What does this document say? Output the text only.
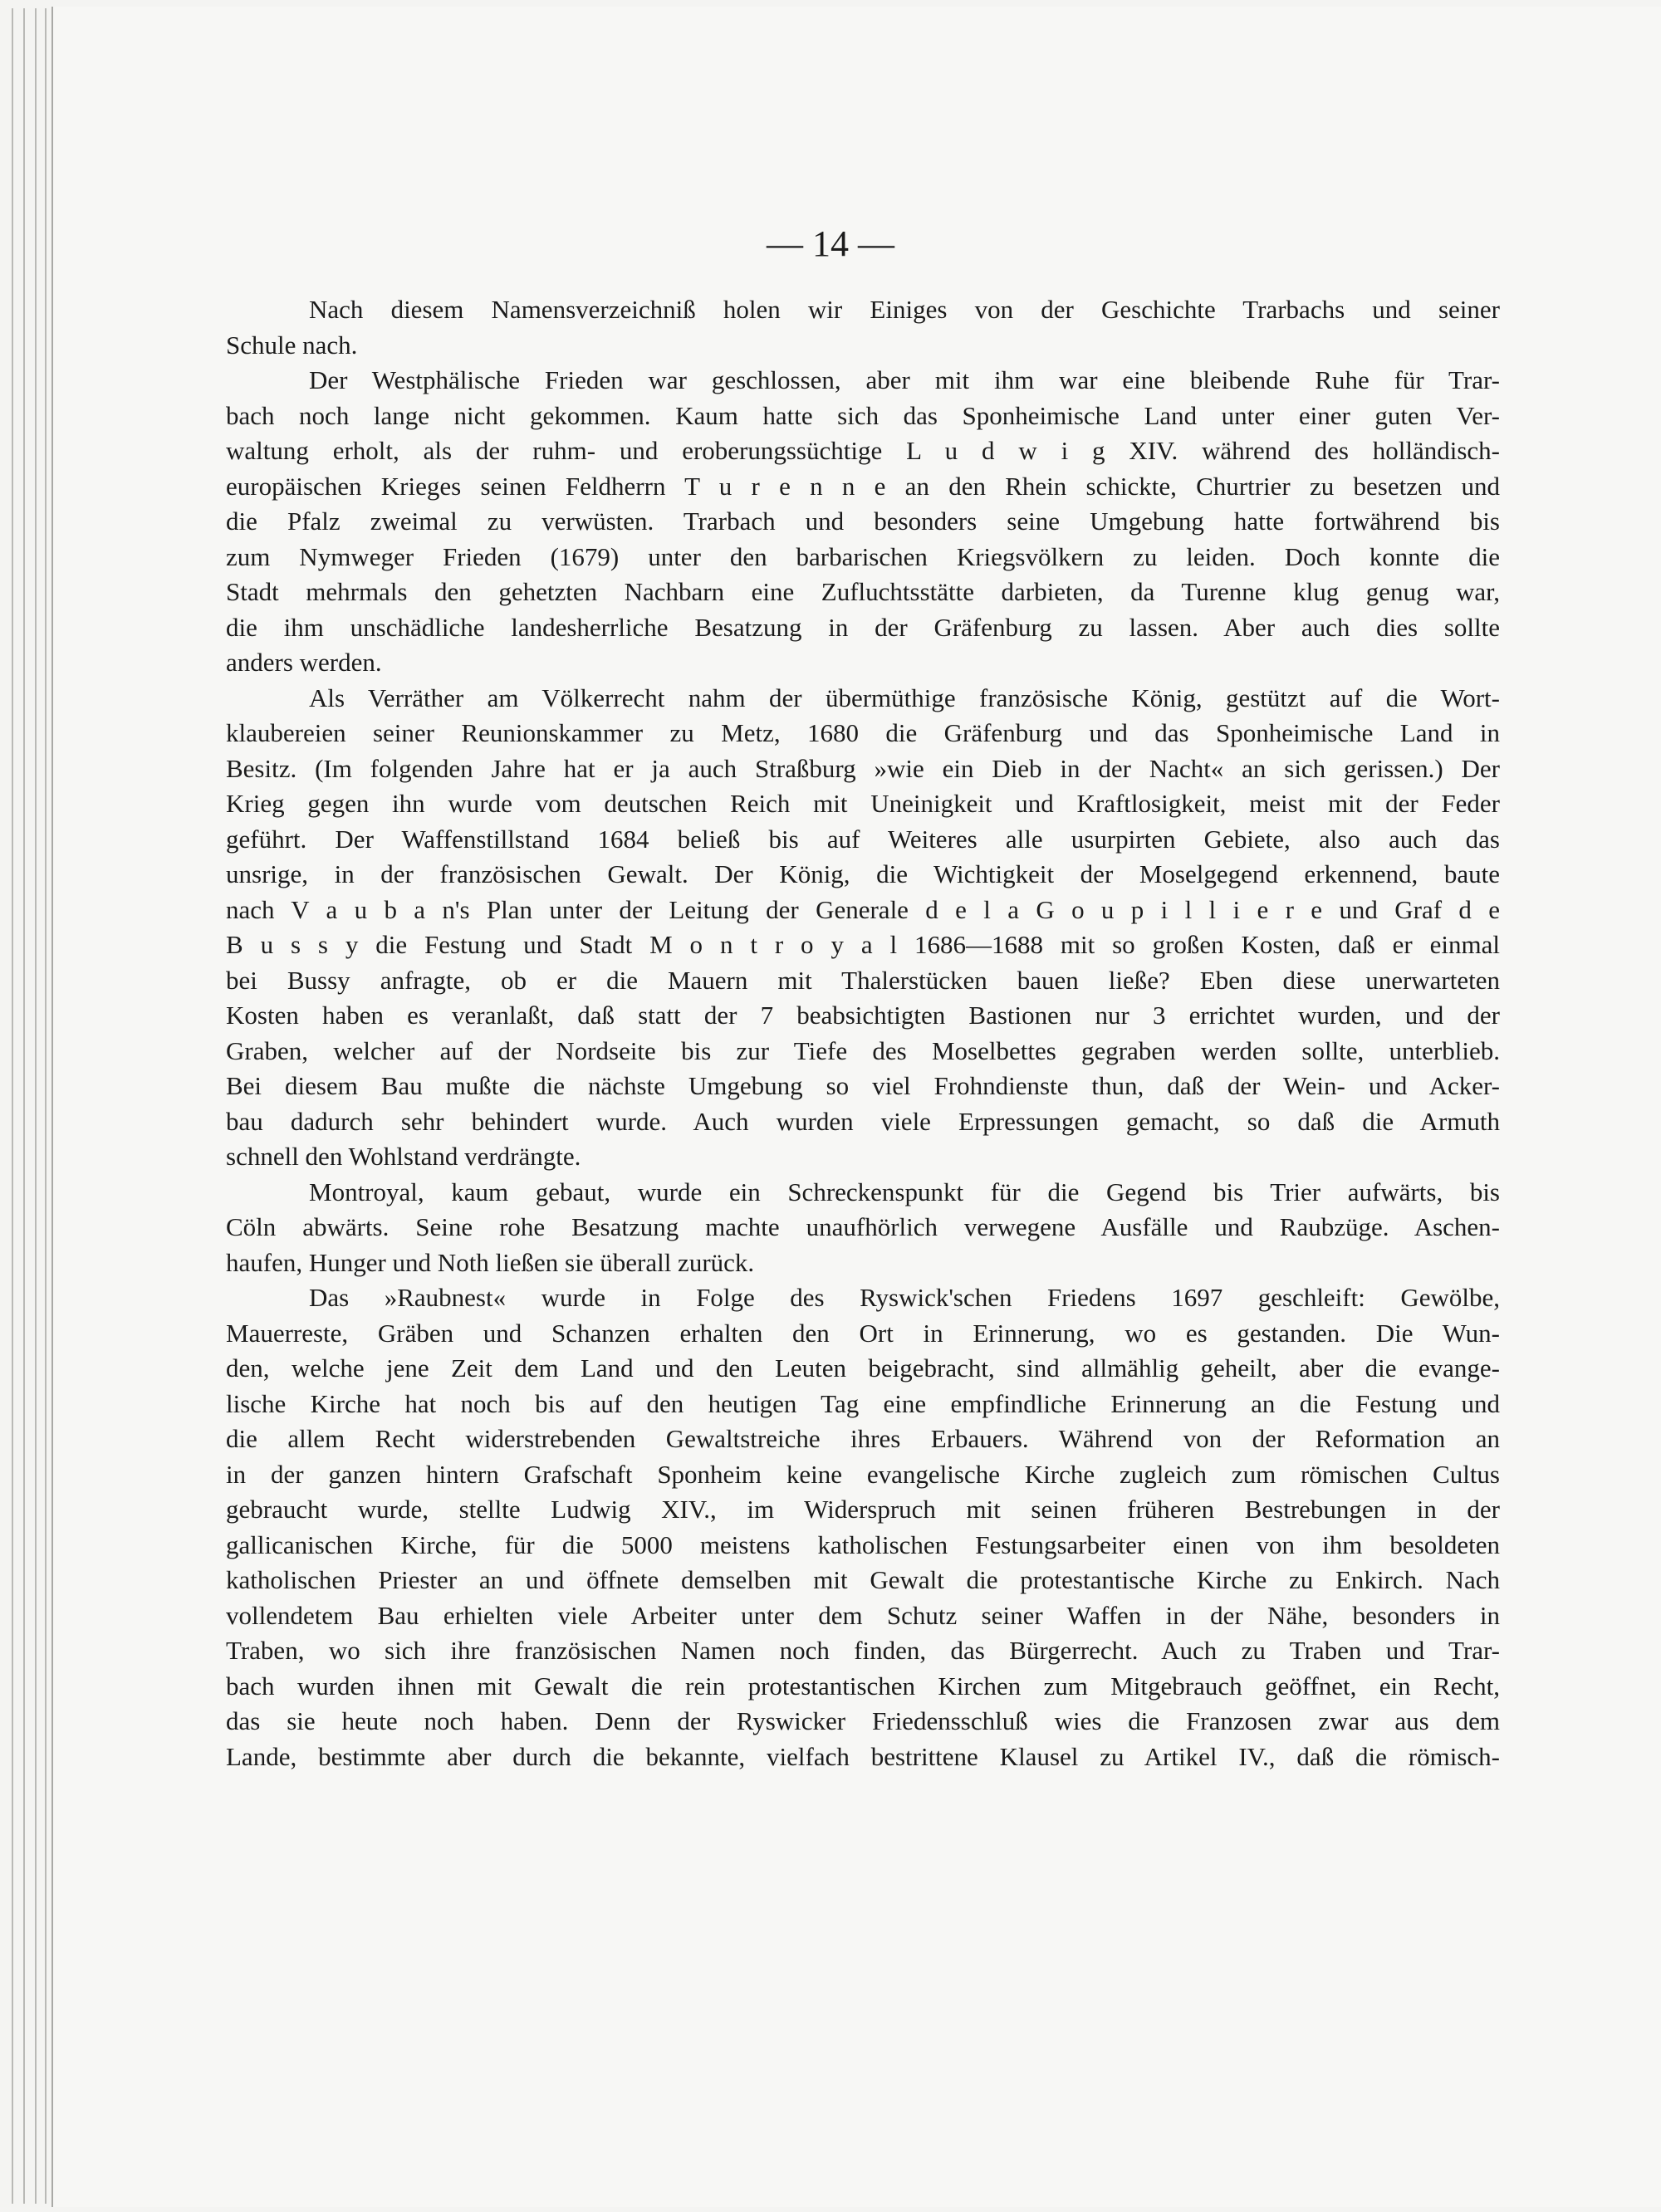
— 14 —
Nach diesem Namensverzeichniß holen wir Einiges von der Geschichte Trarbachs und seiner
Schule nach.
Der Westphälische Frieden war geschlossen, aber mit ihm war eine bleibende Ruhe für Trar-
bach noch lange nicht gekommen. Kaum hatte sich das Sponheimische Land unter einer guten Ver-
waltung erholt, als der ruhm- und eroberungssüchtige L u d w i g XIV. während des holländisch-
europäischen Krieges seinen Feldherrn T u r e n n e an den Rhein schickte, Churtrier zu besetzen und
die Pfalz zweimal zu verwüsten. Trarbach und besonders seine Umgebung hatte fortwährend bis
zum Nymweger Frieden (1679) unter den barbarischen Kriegsvölkern zu leiden. Doch konnte die
Stadt mehrmals den gehetzten Nachbarn eine Zufluchtsstätte darbieten, da Turenne klug genug war,
die ihm unschädliche landesherrliche Besatzung in der Gräfenburg zu lassen. Aber auch dies sollte
anders werden.
Als Verräther am Völkerrecht nahm der übermüthige französische König, gestützt auf die Wort-
klaubereien seiner Reunionskammer zu Metz, 1680 die Gräfenburg und das Sponheimische Land in
Besitz. (Im folgenden Jahre hat er ja auch Straßburg »wie ein Dieb in der Nacht« an sich gerissen.) Der
Krieg gegen ihn wurde vom deutschen Reich mit Uneinigkeit und Kraftlosigkeit, meist mit der Feder
geführt. Der Waffenstillstand 1684 beließ bis auf Weiteres alle usurpirten Gebiete, also auch das
unsrige, in der französischen Gewalt. Der König, die Wichtigkeit der Moselgegend erkennend, baute
nach V a u b a n's Plan unter der Leitung der Generale d e l a G o u p i l l i e r e und Graf d e
B u s s y die Festung und Stadt M o n t r o y a l 1686—1688 mit so großen Kosten, daß er einmal
bei Bussy anfragte, ob er die Mauern mit Thalerstücken bauen ließe? Eben diese unerwarteten
Kosten haben es veranlaßt, daß statt der 7 beabsichtigten Bastionen nur 3 errichtet wurden, und der
Graben, welcher auf der Nordseite bis zur Tiefe des Moselbettes gegraben werden sollte, unterblieb.
Bei diesem Bau mußte die nächste Umgebung so viel Frohndienste thun, daß der Wein- und Acker-
bau dadurch sehr behindert wurde. Auch wurden viele Erpressungen gemacht, so daß die Armuth
schnell den Wohlstand verdrängte.
Montroyal, kaum gebaut, wurde ein Schreckenspunkt für die Gegend bis Trier aufwärts, bis
Cöln abwärts. Seine rohe Besatzung machte unaufhörlich verwegene Ausfälle und Raubzüge. Aschen-
haufen, Hunger und Noth ließen sie überall zurück.
Das »Raubnest« wurde in Folge des Ryswick'schen Friedens 1697 geschleift: Gewölbe,
Mauerreste, Gräben und Schanzen erhalten den Ort in Erinnerung, wo es gestanden. Die Wun-
den, welche jene Zeit dem Land und den Leuten beigebracht, sind allmählig geheilt, aber die evange-
lische Kirche hat noch bis auf den heutigen Tag eine empfindliche Erinnerung an die Festung und
die allem Recht widerstrebenden Gewaltstreiche ihres Erbauers. Während von der Reformation an
in der ganzen hintern Grafschaft Sponheim keine evangelische Kirche zugleich zum römischen Cultus
gebraucht wurde, stellte Ludwig XIV., im Widerspruch mit seinen früheren Bestrebungen in der
gallicanischen Kirche, für die 5000 meistens katholischen Festungsarbeiter einen von ihm besoldeten
katholischen Priester an und öffnete demselben mit Gewalt die protestantische Kirche zu Enkirch. Nach
vollendetem Bau erhielten viele Arbeiter unter dem Schutz seiner Waffen in der Nähe, besonders in
Traben, wo sich ihre französischen Namen noch finden, das Bürgerrecht. Auch zu Traben und Trar-
bach wurden ihnen mit Gewalt die rein protestantischen Kirchen zum Mitgebrauch geöffnet, ein Recht,
das sie heute noch haben. Denn der Ryswicker Friedensschluß wies die Franzosen zwar aus dem
Lande, bestimmte aber durch die bekannte, vielfach bestrittene Klausel zu Artikel IV., daß die römisch-
